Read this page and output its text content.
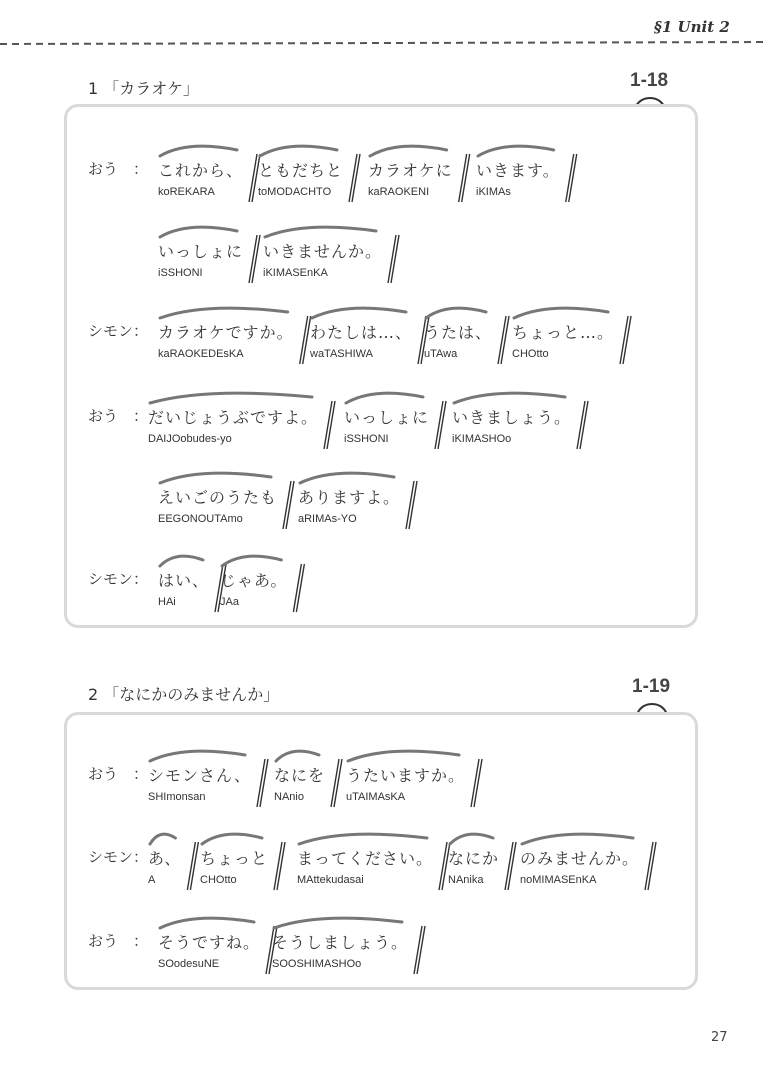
§1 Unit 2
1 「カラオケ」	1-18
2 「なにかのみませんか」	1-19
おう　： これから、
koREKARA
ともだちと
toMODACHTO
カラオケに
kaRAOKENI
いきます。
iKIMAs
いっしょに
iSSHONI
いきませんか。
iKIMASEnKA
シモン： カラオケですか。
kaRAOKEDEsKA
わたしは…、
waTASHIWA
うたは、
uTAwa
ちょっと…。
CHOtto
おう　： だいじょうぶですよ。
DAIJOobudes-yo
いっしょに
iSSHONI
いきましょう。
iKIMASHOo
えいごのうたも
EEGONOUTAmo
ありますよ。
aRIMAs-YO
シモン： はい、
HAi
じゃあ。
JAa
おう　： シモンさん、
SHImonsan
なにを
NAnio
うたいますか。
uTAIMAsKA
シモン： あ、
A
ちょっと
CHOtto
まってください。
MAttekudasai
なにか
NAnika
のみませんか。
noMIMASEnKA
おう　： そうですね。
SOodesuNE
そうしましょう。
SOOSHIMASHOo
27
